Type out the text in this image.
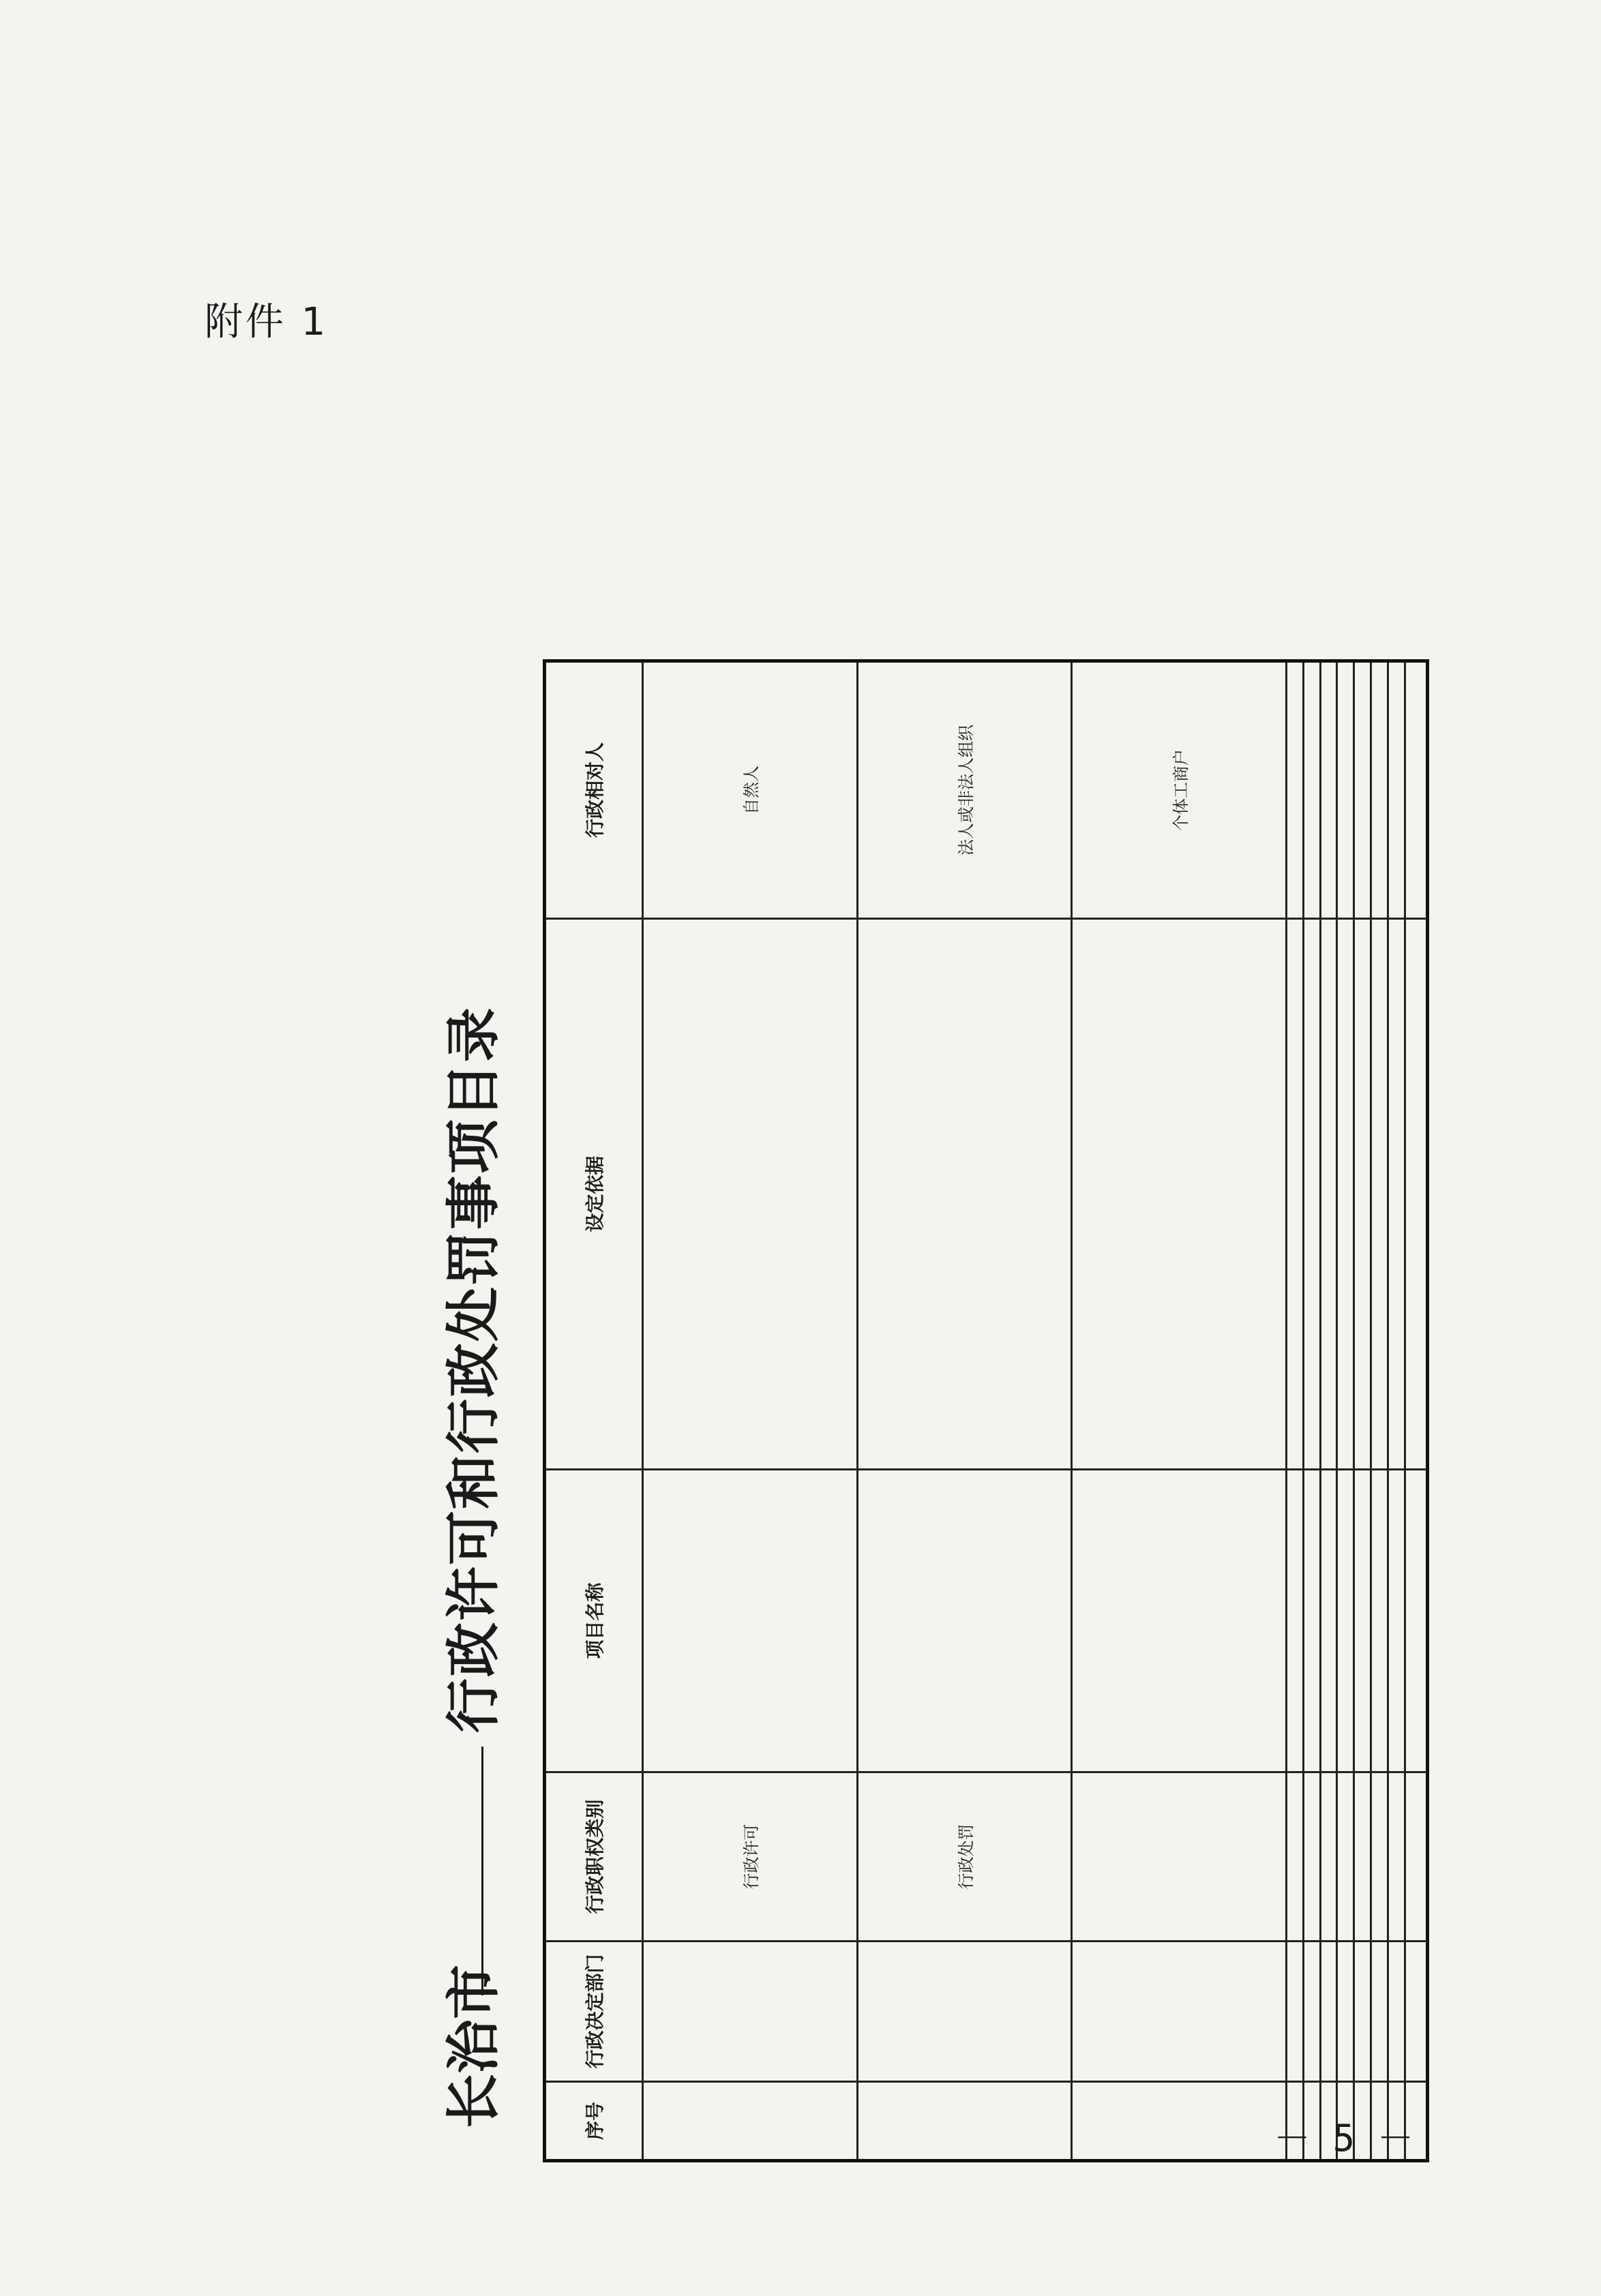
附件 1
长治市
行政许可和行政处罚事项目录
序号	行政决定部门	行政职权类别	项目名称	设定依据	行政相对人
		行政许可			自然人
		行政处罚			法人或非法人组织
					个体工商户

－ 5 －
